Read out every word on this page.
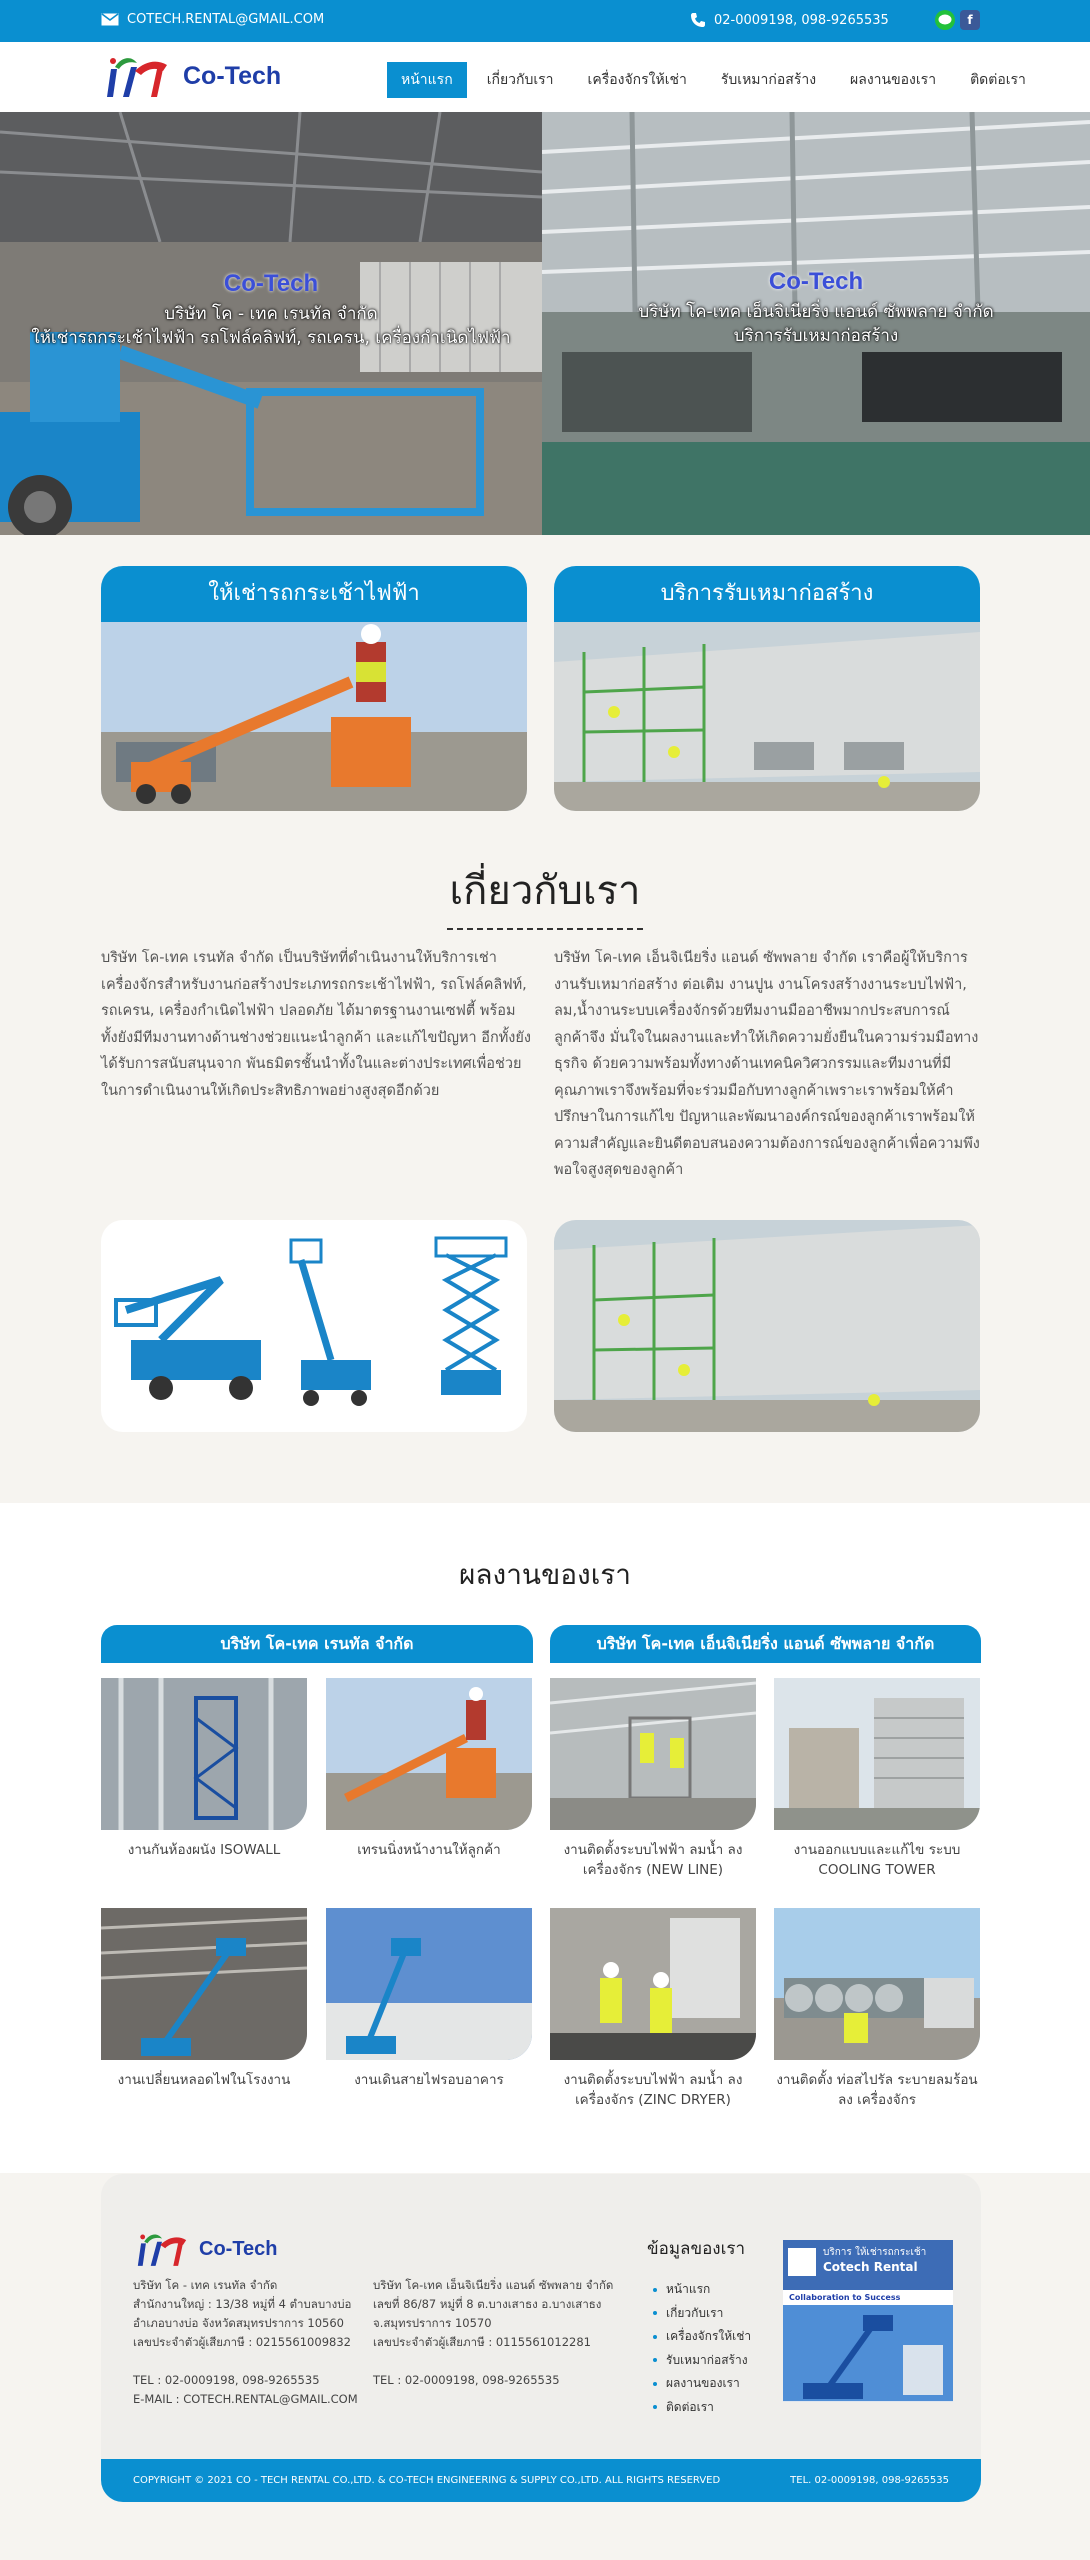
COTECH.RENTAL@GMAIL.COM	02-0009198, 098-9265535	f
Co-Tech	หน้าแรก	เกี่ยวกับเรา	เครื่องจักรให้เช่า	รับเหมาก่อสร้าง	ผลงานของเรา	ติดต่อเรา
Co-Tech
บริษัท โค - เทค เรนทัล จำกัด
ให้เช่ารถกระเช้าไฟฟ้า รถโฟล์คลิฟท์, รถเครน, เครื่องกำเนิดไฟฟ้า
Co-Tech
บริษัท โค-เทค เอ็นจิเนียริ่ง แอนด์ ซัพพลาย จำกัด
บริการรับเหมาก่อสร้าง
ให้เช่ารถกระเช้าไฟฟ้า	บริการรับเหมาก่อสร้าง
เกี่ยวกับเรา

บริษัท โค-เทค เรนทัล จำกัด เป็นบริษัทที่ดำเนินงานให้บริการเช่าเครื่องจักรสำหรับงานก่อสร้างประเภทรถกระเช้าไฟฟ้า, รถโฟล์คลิฟท์, รถเครน, เครื่องกำเนิดไฟฟ้า ปลอดภัย ได้มาตรฐานงานเซฟตี้ พร้อมทั้งยังมีทีมงานทางด้านช่างช่วยแนะนำลูกค้า และแก้ไขปัญหา อีกทั้งยังได้รับการสนับสนุนจาก พันธมิตรชั้นนำทั้งในและต่างประเทศเพื่อช่วยในการดำเนินงานให้เกิดประสิทธิภาพอย่างสูงสุดอีกด้วย

บริษัท โค-เทค เอ็นจิเนียริ่ง แอนด์ ซัพพลาย จำกัด เราคือผู้ให้บริการงานรับเหมาก่อสร้าง ต่อเติม งานปูน งานโครงสร้างงานระบบไฟฟ้า, ลม,น้ำงานระบบเครื่องจักรด้วยทีมงานมืออาชีพมากประสบการณ์ ลูกค้าจึง มั่นใจในผลงานและทำให้เกิดความยั่งยืนในความร่วมมือทางธุรกิจ ด้วยความพร้อมทั้งทางด้านเทคนิควิศวกรรมและทีมงานที่มีคุณภาพเราจึงพร้อมที่จะร่วมมือกับทางลูกค้าเพราะเราพร้อมให้คำปรึกษาในการแก้ไข ปัญหาและพัฒนาองค์กรณ์ของลูกค้าเราพร้อมให้ความสำคัญและยินดีตอบสนองความต้องการณ์ของลูกค้าเพื่อความพึงพอใจสูงสุดของลูกค้า

ผลงานของเรา
บริษัท โค-เทค เรนทัล จำกัด	บริษัท โค-เทค เอ็นจิเนียริ่ง แอนด์ ซัพพลาย จำกัด
งานกันห้องผนัง ISOWALL	เทรนนิ่งหน้างานให้ลูกค้า	งานติดตั้งระบบไฟฟ้า ลมน้ำ ลงเครื่องจักร (NEW LINE)
งานออกแบบและแก้ไข ระบบ COOLING TOWER
งานเปลี่ยนหลอดไฟในโรงงาน	งานเดินสายไฟรอบอาคาร	งานติดตั้งระบบไฟฟ้า ลมน้ำ ลงเครื่องจักร (ZINC DRYER)
งานติดตั้ง ท่อสไปรัล ระบายลมร้อนลง เครื่องจักร
Co-Tech
บริษัท โค - เทค เรนทัล จำกัด
สำนักงานใหญ่ : 13/38 หมู่ที่ 4 ตำบลบางบ่อ
อำเภอบางบ่อ จังหวัดสมุทรปราการ 10560
เลขประจำตัวผู้เสียภาษี : 0215561009832
TEL : 02-0009198, 098-9265535
E-MAIL : COTECH.RENTAL@GMAIL.COM
บริษัท โค-เทค เอ็นจิเนียริ่ง แอนด์ ซัพพลาย จำกัด
เลขที่ 86/87 หมู่ที่ 8 ต.บางเสาธง อ.บางเสาธง
จ.สมุทรปราการ 10570
เลขประจำตัวผู้เสียภาษี : 0115561012281
TEL : 02-0009198, 098-9265535
ข้อมูลของเรา
หน้าแรก
เกี่ยวกับเรา
เครื่องจักรให้เช่า
รับเหมาก่อสร้าง
ผลงานของเรา
ติดต่อเรา
บริการ ให้เช่ารถกระเช้า
Cotech Rental
Collaboration to Success
COPYRIGHT © 2021 CO - TECH RENTAL CO.,LTD. & CO-TECH ENGINEERING & SUPPLY CO.,LTD. ALL RIGHTS RESERVED	TEL. 02-0009198, 098-9265535
